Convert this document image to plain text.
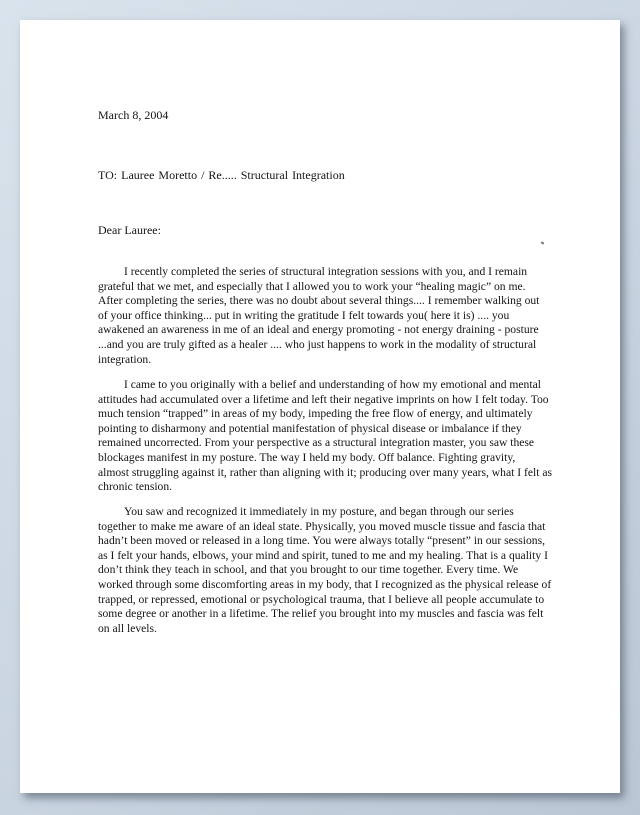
March 8, 2004
TO: Lauree Moretto / Re..... Structural Integration
Dear Lauree:

I recently completed the series of structural integration sessions with you, and I remain
grateful that we met, and especially that I allowed you to work your “healing magic” on me.
After completing the series, there was no doubt about several things.... I remember walking out
of your office thinking... put in writing the gratitude I felt towards you( here it is) .... you
awakened an awareness in me of an ideal and energy promoting - not energy draining - posture
...and you are truly gifted as a healer .... who just happens to work in the modality of structural
integration.

I came to you originally with a belief and understanding of how my emotional and mental
attitudes had accumulated over a lifetime and left their negative imprints on how I felt today. Too
much tension “trapped” in areas of my body, impeding the free flow of energy, and ultimately
pointing to disharmony and potential manifestation of physical disease or imbalance if they
remained uncorrected. From your perspective as a structural integration master, you saw these
blockages manifest in my posture. The way I held my body. Off balance. Fighting gravity,
almost struggling against it, rather than aligning with it; producing over many years, what I felt as
chronic tension.

You saw and recognized it immediately in my posture, and began through our series
together to make me aware of an ideal state. Physically, you moved muscle tissue and fascia that
hadn’t been moved or released in a long time. You were always totally “present” in our sessions,
as I felt your hands, elbows, your mind and spirit, tuned to me and my healing. That is a quality I
don’t think they teach in school, and that you brought to our time together. Every time. We
worked through some discomforting areas in my body, that I recognized as the physical release of
trapped, or repressed, emotional or psychological trauma, that I believe all people accumulate to
some degree or another in a lifetime. The relief you brought into my muscles and fascia was felt
on all levels.
